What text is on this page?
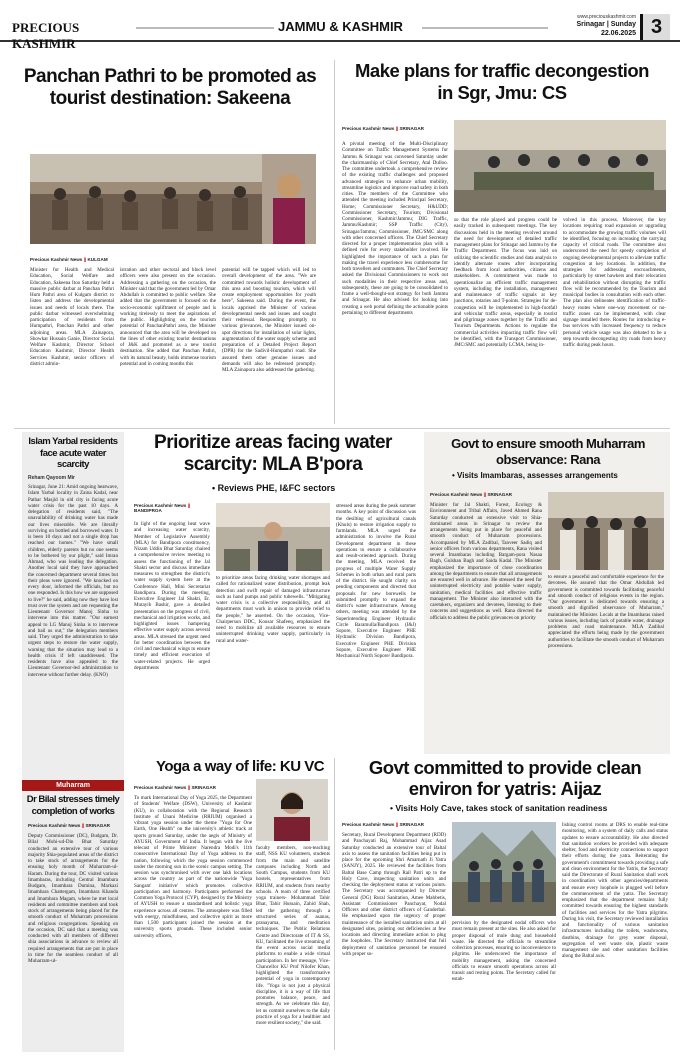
PRECIOUS KASHMIR
JAMMU & KASHMIR
www.preciouskashmir.com
Srinagar | Sunday
22.06.2025 3
Panchan Pathri to be promoted as tourist destination: Sakeena
Precious Kashmir News || KULGAM
Minister for Health and Medical Education, Social Welfare and Education, Sakeena Itoo Saturday held a massive public darbar at Panchan Pathri Hum Pathri area of Kulgam district to listen and address the developmental issues and needs of locals there. The public darbar witnessed overwhelming participation of residents from Humpathri, Panchan Pathri and other adjoining areas. MLA Zainapora, Showkat Hussain Ganie, Director Social Welfare Kashmir, Director School Education Kashmir, Director Health Services Kashmir, senior officers of district admin-
istration and other sectoral and block level officers were also present on the occasion. Addressing a gathering on the occasion, the Minister said that the government led by Omar Abdullah is committed to public welfare. She added that the government is focused on the socio-economic upliftment of people and is working tirelessly to meet the aspirations of the public. Highlighting on the tourism potential of PanchanPathri area, the Minister announced that the area will be developed on the lines of other existing tourist destinations of J&K and promoted as a new tourist destination. She added that Panchan Pathri, with its natural beauty, holds immense tourism potential and in coming months this
potential will be tapped which will led to overall development of the area. "We are committed towards holistic development of this area and boosting tourism, which will create employment opportunities for youth here", Sakeena said. During the event, the locals apprised the Minister of various developmental needs and issues and sought their redressal. Responding promptly to various grievances, the Minister issued on-spot directions for installation of solar lights, augmentation of the water supply scheme and preparation of a Detailed Project Report (DPR) for the Sadivil-Humpathri road. She assured them other genuine issues and demands will also be redressed promptly. MLA Zainapora also addressed the gathering.
Make plans for traffic decongestion in Sgr, Jmu: CS
Precious Kashmir News || SRINAGAR
A pivotal meeting of the Multi-Disciplinary Committee on Traffic Management Systems for Jammu & Srinagar was convened Saturday under the chairmanship of Chief Secretary, Atal Dulloo. The committee undertook a comprehensive review of the existing traffic challenges and proposed advanced strategies to enhance urban mobility, streamline logistics and improve road safety in both cities. The members of the Committee who attended the meeting included Principal Secretary, Home; Commissioner Secretary, H&UDD; Commissioner Secretary, Tourism; Divisional Commissioner, Kashmir/Jammu; DIG Traffic, Jammu/Kashmir; SSP Traffic (City), Srinagar/Jammu; Commissioner, JMC/SMC along with other concerned officers. The Chief Secretary directed for a proper implementation plan with a defined role for every stakeholder involved. He highlighted the importance of such a plan for making the travel experience less cumbersome for both travellers and commuters. The Chief Secretary asked the Divisional Commissioners to work out such modalities in their respective areas and, subsequently, these are going to be consolidated to frame a well-thought-out strategy for both Jammu and Srinagar. He also advised for looking into creating a web portal defining the actionable points pertaining to different departments
so that the role played and progress could be easily tracked in subsequent meetings. The key discussions held in the meeting revolved around the need for development of detailed traffic management plans for Srinagar and Jammu by the Traffic Department. The focus was laid on utilizing the scientific studies and data analysis to identify alternate routes after incorporating feedback from local authorities, citizens and stakeholders. A commitment was made to operationalize an efficient traffic management system, including the installation, management and maintenance of traffic signals at key junctions, rotaries and T-points. Strategies for de-congestion will be implemented in high-footfall and vehicular traffic areas, especially in tourist and pilgrimage zones together by the Traffic and Tourism Departments. Actions to regulate the commercial activities impacting traffic flow will be identified, with the Transport Commissioner, JMC/SMC and potentially LCMA, being in-
volved in this process. Moreover, the key locations requiring road expansion or upgrading to accommodate the growing traffic volumes will be identified, focusing on increasing the carrying capacity of critical roads. The committee also underscored the need for speedy completion of ongoing developmental projects to alleviate traffic congestion at key locations. In addition, the strategies for addressing encroachments, particularly by street hawkers and their relocation and rehabilitation without disrupting the traffic flow will be recommended by the Tourism and municipal bodies in consultation with each other. The plan also delineates identification of traffic-heavy routes where one-way movement or no-traffic zones can be implemented, with clear signage installed there. Routes for introducing e-bus services with increased frequency to reduce personal vehicle usage was also debated to be a step towards decongesting city roads from heavy traffic during peak hours.
Islam Yarbal residents face acute water scarcity
Reham Qayoom Mir
Srinagar, June 21: Amid ongoing heatwave, Islam Yarbal locality in Zaina Kadal, near Pathar Masjid in old city is facing acute water crisis for the past 10 days. A delegation of residents said, "The unavailability of drinking water has made our lives miserable. We are literally surviving on bottled and borrowed water. It is been 10 days and not a single drop has reached our homes." "We have small children, elderly parents but no one seems to be bothered by our plight," said Imran Ahmad, who was leading the delegation. Another local said they have approached the concerned department several times but their pleas were ignored. "We knocked on every door, informed the officials, but no one responded. Is this how we are supposed to live?" he said, adding now they have lost trust over the system and are requesting the Lieutenant Governor Manoj Sinha to intervene into this matter. "Our earnest appeal to LG Manoj Sinha is to intervene and bail us out," the delegation members said. They urged the administration to take urgent steps to restore the water supply, warning that the situation may lead to a health crisis if left unaddressed. The residents have also appealed to the Lieutenant Governor-led administration to intervene without further delay. (KNO)
Muharram
Dr Bilal stresses timely completion of works
Precious Kashmir News || SRINAGAR
Deputy Commissioner (DC), Budgam, Dr. Bilal Mohi-ud-Din Bhat Saturday conducted an extensive tour of various majority Shia-populated areas of the district to take stock of arrangements for the ensuing holy month of Muharram-ul-Haram. During the tour, DC visited various Imambaras, including Central Imambara Budgam, Imambara Dumina, Markazi Imambara Chattergam, Imambara Khanda and Imambara Magam, where he met local residents and committee members and took stock of arrangements being placed for the smooth conduct of Muharram processions and religious congregations. Speaking on the occasion, DC said that a meeting was conducted with all members of different shia associations in advance to review all required arrangements that are put in place in time for the seamless conduct of all Muharram-ul-
Prioritize areas facing water scarcity: MLA B'pora
• Reviews PHE, I&FC sectors
Precious Kashmir News ||
BANDIPROA
In light of the ongoing heat wave and increasing water scarcity, Member of Legislative Assembly (MLA) for Bandipora constituency, Nizam Uddin Bhat Saturday chaired a comprehensive review meeting to assess the functioning of the Jal Shakti sector and discuss immediate measures to strengthen the district's water supply system here at the Conference Hall, Mini Secretariat Bandipora. During the meeting, Executive Engineer Jal Shakti, Er. Mutayib Bashir, gave a detailed presentation on the progress of civil, mechanical and irrigation works, and highlighted issues hampering effective water supply across several areas. MLA stressed the urgent need for better coordination between the civil and mechanical wings to ensure timely and efficient execution of water-related projects. He urged departments
to prioritize areas facing drinking water shortages and called for rationalized water distribution, prompt leak detection and swift repair of damaged infrastructure such as hand pumps and public tubewells. "Mitigating water crisis is a collective responsibility, and all departments must work in unison to provide relief to the people," he asserted. On the occasion, Vice-Chairperson DDC, Kousar Shafeeq, emphasized the need to mobilize all available resources to ensure uninterrupted drinking water supply, particularly in rural and water-
stressed areas during the peak summer months. A key point of discussion was the desilting of agricultural canals (Khuls) to restore irrigation supply to farmlands. MLA urged the administration to involve the Rural Development department in these operations to ensure a collaborative and result-oriented approach. During the meeting, MLA received the progress of multiple Water Supply Schemes in both urban and rural parts of the district. He sought clarity on pending components and directed that proposals for new borewells be submitted promptly to expand the district's water infrastructure. Among others, meeting was attended by the Superintending Engineer Hydraulic Circle Baramulla/Bandipora (I&J) Sopore, Executive Engineer PHE Hydraulic Division Bandipora, Executive Engineer PHE Division Sopore, Executive Engineer PHE Mechanical North Sopore/ Bandipora.
Govt to ensure smooth Muharram observance: Rana
• Visits Imambaras, assesses arrangements
Precious Kashmir News || SRINAGAR
Minister for Jal Shakti, Forest, Ecology & Environment and Tribal Affairs, Javed Ahmed Rana Saturday conducted an extensive visit to Shia-dominated areas in Srinagar to review the arrangements being put in place for peaceful and smooth conduct of Muharram processions. Accompanied by MLA Zadibal, Tanveer Sadiq and senior officers from various departments, Rana visited several Imambaras including Bargam-pora Nasaa Bagh, Gulshan Bagh and Saida Kadal. The Minister emphasized the importance of close coordination among the departments to ensure that all arrangements are ensured well in advance. He stressed the need for uninterrupted electricity and potable water supply, sanitation, medical facilities and effective traffic management. The Minister also interacted with the caretakers, organizers and devotees, listening to their concerns and suggestions as well. Rana directed the officials to address the public grievances on priority
to ensure a peaceful and comfortable experience for the devotees. He assured that the Omar Abdullah led government is committed towards facilitating peaceful and smooth conduct of religious events in the region. "Our government is dedicated towards ensuring a smooth and dignified observance of Muharram," maintained the Minister. Locals at the Imambaras raised various issues, including lack of potable water, drainage problems and road maintenance. MLA Zadibal appreciated the efforts being made by the government authorities to facilitate the smooth conduct of Muharram processions.
Yoga a way of life: KU VC
Precious Kashmir News || SRINAGAR
To mark International Day of Yoga 2025, the Department of Students' Welfare (DSW), University of Kashmir (KU), in collaboration with the Regional Research Institute of Unani Medicine (RRIUM) organised a vibrant yoga session under the theme "Yoga for One Earth, One Health" on the university's athletic track at sports ground Saturday, under the aegis of Ministry of AYUSH, Government of India. It began with the live telecast of Prime Minister Narendra Modi's 11th consecutive International Day of Yoga address to the nation, following which the yoga session commenced under the morning sun in the scenic campus setting. The session was synchronised with over one lakh locations across the country as part of the nationwide 'Yoga Sangam' initiative' which promotes collective participation and harmony. Participants performed the Common Yoga Protocol (CYP), designed by the Ministry of AYUSH to ensure a standardised and holistic yoga experience across all centres. The atmosphere was filled with energy, mindfulness, and collective spirit as more than 1,500 participants joined the session at the university sports grounds. These included senior university officers,
faculty members, non-teaching staff, NSS KU volunteers, students from the main and satellite campuses including North and South Campus, students from KU hostels, representatives from RRIUM, and students from nearby schools. A team of three certified yoga trainers- Mohammad Tahir Bhat, Tahir Hussain, Zahid Shah, led the gathering through a structured series of asanas, pranayama, and meditation techniques. The Public Relations Centre and Directorate of IT & SS, KU, facilitated the live streaming of the event across social media platforms to enable a wide virtual participation. In her message, Vice-Chancellor KU Prof Nilofer Khan, highlighted the transformative potential of yoga in contemporary life. "Yoga is not just a physical discipline, it is a way of life that promotes balance, peace, and strength. As we celebrate this day, let us commit ourselves to the daily practice of yoga for a healthier and more resilient society," she said.
Govt committed to provide clean environ for yatris: Aijaz
• Visits Holy Cave, takes stock of sanitation readiness
Precious Kashmir News || SRINAGAR
Secretary, Rural Development Department (RDD) and Panchayati Raj, Mohammad Aijaz Asad Saturday conducted an extensive tour of Baltal axis to assess the sanitation facilities being put in place for the upcoming Shri Amarnath Ji Yatra (SANJY), 2025. He reviewed the facilities from Baltal Base Camp through Rail Patri up to the Holy Cave, inspecting sanitation units and checking the deployment status at various points. The Secretary was accompanied by Director General (DG) Rural Sanitation, Amee Mahbetis, Assistant Commissioner Panchayat, Nodal Officers and other district officers of Ganderbal. He emphasized upon the urgency of proper maintenance of the installed sanitation units at all designated sites, pointing out deficiencies at few locations and directing immediate action to plug the loopholes. The Secretary instructed that full deployment of sanitation personnel be ensured with proper su-
pervision by the designated nodal officers who must remain present at the sites. He also asked for proper disposal of mule dung and household waste. He directed the officials to streamline collection processes, ensuring no inconvenience to pilgrims. He underscored the importance of mobility management, asking the concerned officials to ensure smooth operations across all transit and resting points. The Secretary called for estab-
lishing control rooms at DRS to enable real-time monitoring, with a system of daily calls and status updates to ensure accountability. He also directed that sanitation workers be provided with adequate shelter, food and electricity connections to support their efforts during the yatra. Reiterating the government's commitment towards providing a safe and clean environment for the Yatris, the Secretary said the Directorate of Rural Sanitation shall work in coordination with other agencies/departments and ensure every loophole is plugged well before the commencement of the yatra. The Secretary emphasized that the department remains fully committed towards ensuring the highest standards of facilities and services for the Yatra pilgrims. During his visit, the Secretary reviewed installation and functionality of various sanitation infrastructures including the toilets, washrooms, dustbins, drainage for grey water disposal, segregation of wet waste site, plastic waste management site and other sanitation facilities along the Baltal axis.
